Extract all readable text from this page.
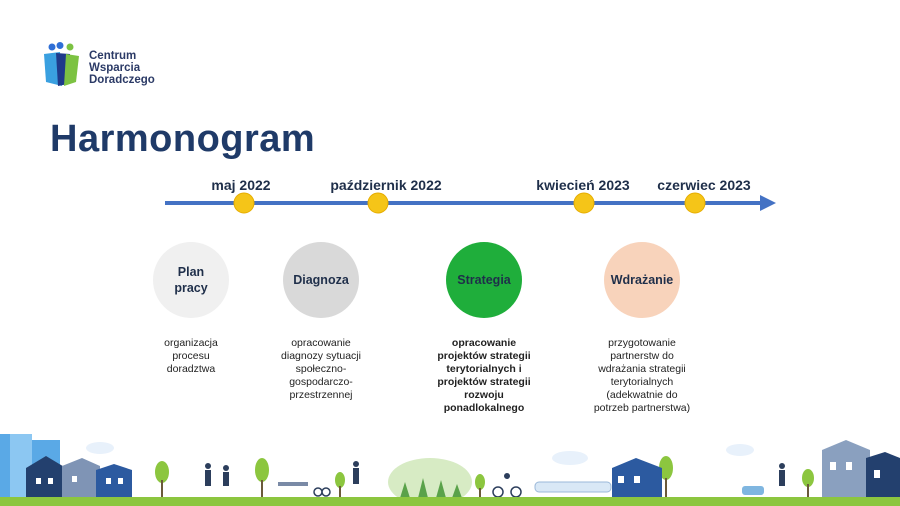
Centrum
Wsparcia
Doradczego
Harmonogram
maj 2022	październik 2022	kwiecień 2023 czerwiec 2023
Plan
pracy
Diagnoza	Strategia	Wdrażanie
organizacja
procesu
doradztwa
opracowanie
diagnozy sytuacji
społeczno-
gospodarczo-
przestrzennej
opracowanie
projektów strategii
terytorialnych i
projektów strategii
rozwoju
ponadlokalnego
przygotowanie
partnerstw do
wdrażania strategii
terytorialnych
(adekwatnie do
potrzeb partnerstwa)
